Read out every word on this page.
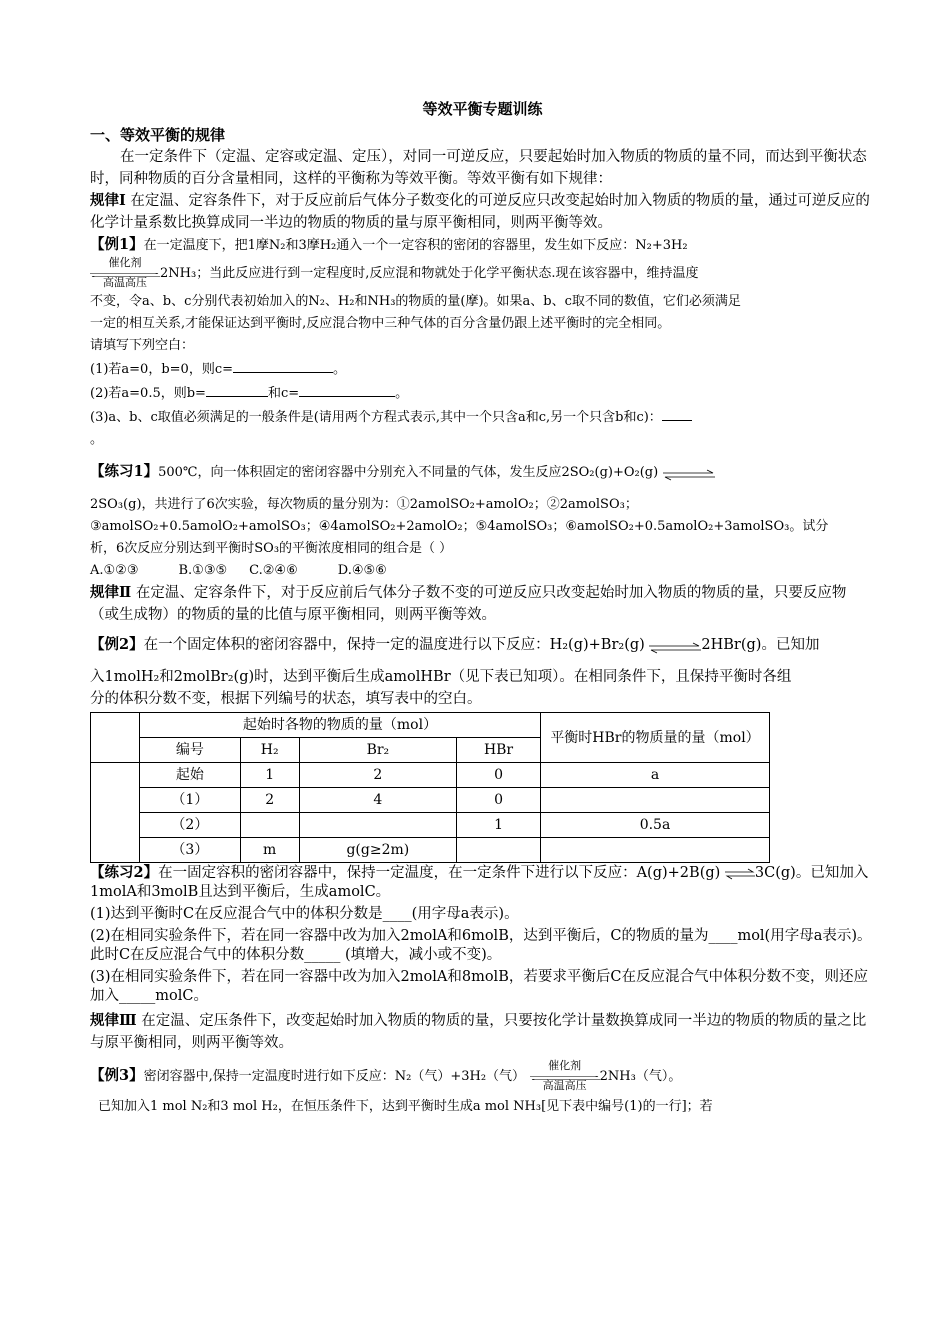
等效平衡专题训练
一、等效平衡的规律

在一定条件下（定温、定容或定温、定压），对同一可逆反应，只要起始时加入物质的物质的量不同，而达到平衡状态时，同种物质的百分含量相同，这样的平衡称为等效平衡。等效平衡有如下规律：

规律Ⅰ 在定温、定容条件下，对于反应前后气体分子数变化的可逆反应只改变起始时加入物质的物质的量，通过可逆反应的化学计量系数比换算成同一半边的物质的物质的量与原平衡相同，则两平衡等效。

【例1】在一定温度下，把1摩N₂和3摩H₂通入一个一定容积的密闭的容器里，发生如下反应：N₂+3H₂

催化剂
高温高压
2NH₃；当此反应进行到一定程度时,反应混和物就处于化学平衡状态.现在该容器中，维持温度

不变，令a、b、c分别代表初始加入的N₂、H₂和NH₃的物质的量(摩)。如果a、b、c取不同的数值，它们必须满足

一定的相互关系,才能保证达到平衡时,反应混合物中三种气体的百分含量仍跟上述平衡时的完全相同。

请填写下列空白：

(1)若a=0，b=0，则c=	。

(2)若a=0.5，则b=	和c=	。

(3)a、b、c取值必须满足的一般条件是(请用两个方程式表示,其中一个只含a和c,另一个只含b和c)：

。

【练习1】500℃，向一体积固定的密闭容器中分别充入不同量的气体，发生反应2SO₂(g)+O₂(g) ⇌

2SO₃(g)，共进行了6次实验，每次物质的量分别为：①2amolSO₂+amolO₂；②2amolSO₃；

③amolSO₂+0.5amolO₂+amolSO₃；④4amolSO₂+2amolO₂；⑤4amolSO₃；⑥amolSO₂+0.5amolO₂+3amolSO₃。试分

析，6次反应分别达到平衡时SO₃的平衡浓度相同的组合是（ ）

A.①②③	B.①③⑤ C.②④⑥	D.④⑤⑥

规律Ⅱ 在定温、定容条件下，对于反应前后气体分子数不变的可逆反应只改变起始时加入物质的物质的量，只要反应物（或生成物）的物质的量的比值与原平衡相同，则两平衡等效。

【例2】在一个固定体积的密闭容器中，保持一定的温度进行以下反应：H₂(g)+Br₂(g) ⇌2HBr(g)。已知加

入1molH₂和2molBr₂(g)时，达到平衡后生成amolHBr（见下表已知项）。在相同条件下，且保持平衡时各组

分的体积分数不变，根据下列编号的状态，填写表中的空白。

	起始时各物的物质的量（mol）				平衡时HBr的物质量的量（mol）
	编号	H₂	Br₂	HBr	
	起始	1	2	0	a
	（1）	2	4	0	
	（2）			1	0.5a
	（3）	m	g(g≥2m)		

【练习2】在一固定容积的密闭容器中，保持一定温度，在一定条件下进行以下反应：A(g)+2B(g) ⇌3C(g)。已知加入1molA和3molB且达到平衡后，生成amolC。

(1)达到平衡时C在反应混合气中的体积分数是____(用字母a表示)。

(2)在相同实验条件下，若在同一容器中改为加入2molA和6molB，达到平衡后，C的物质的量为____mol(用字母a表示)。此时C在反应混合气中的体积分数_____ (填增大，减小或不变)。

(3)在相同实验条件下，若在同一容器中改为加入2molA和8molB，若要求平衡后C在反应混合气中体积分数不变，则还应加入_____molC。

规律Ⅲ 在定温、定压条件下，改变起始时加入物质的物质的量，只要按化学计量数换算成同一半边的物质的物质的量之比与原平衡相同，则两平衡等效。

【例3】密闭容器中,保持一定温度时进行如下反应：N₂（气）+3H₂（气）
催化剂
高温高压
2NH₃（气）。

已知加入1 mol N₂和3 mol H₂，在恒压条件下，达到平衡时生成a mol NH₃[见下表中编号(1)的一行]；若
